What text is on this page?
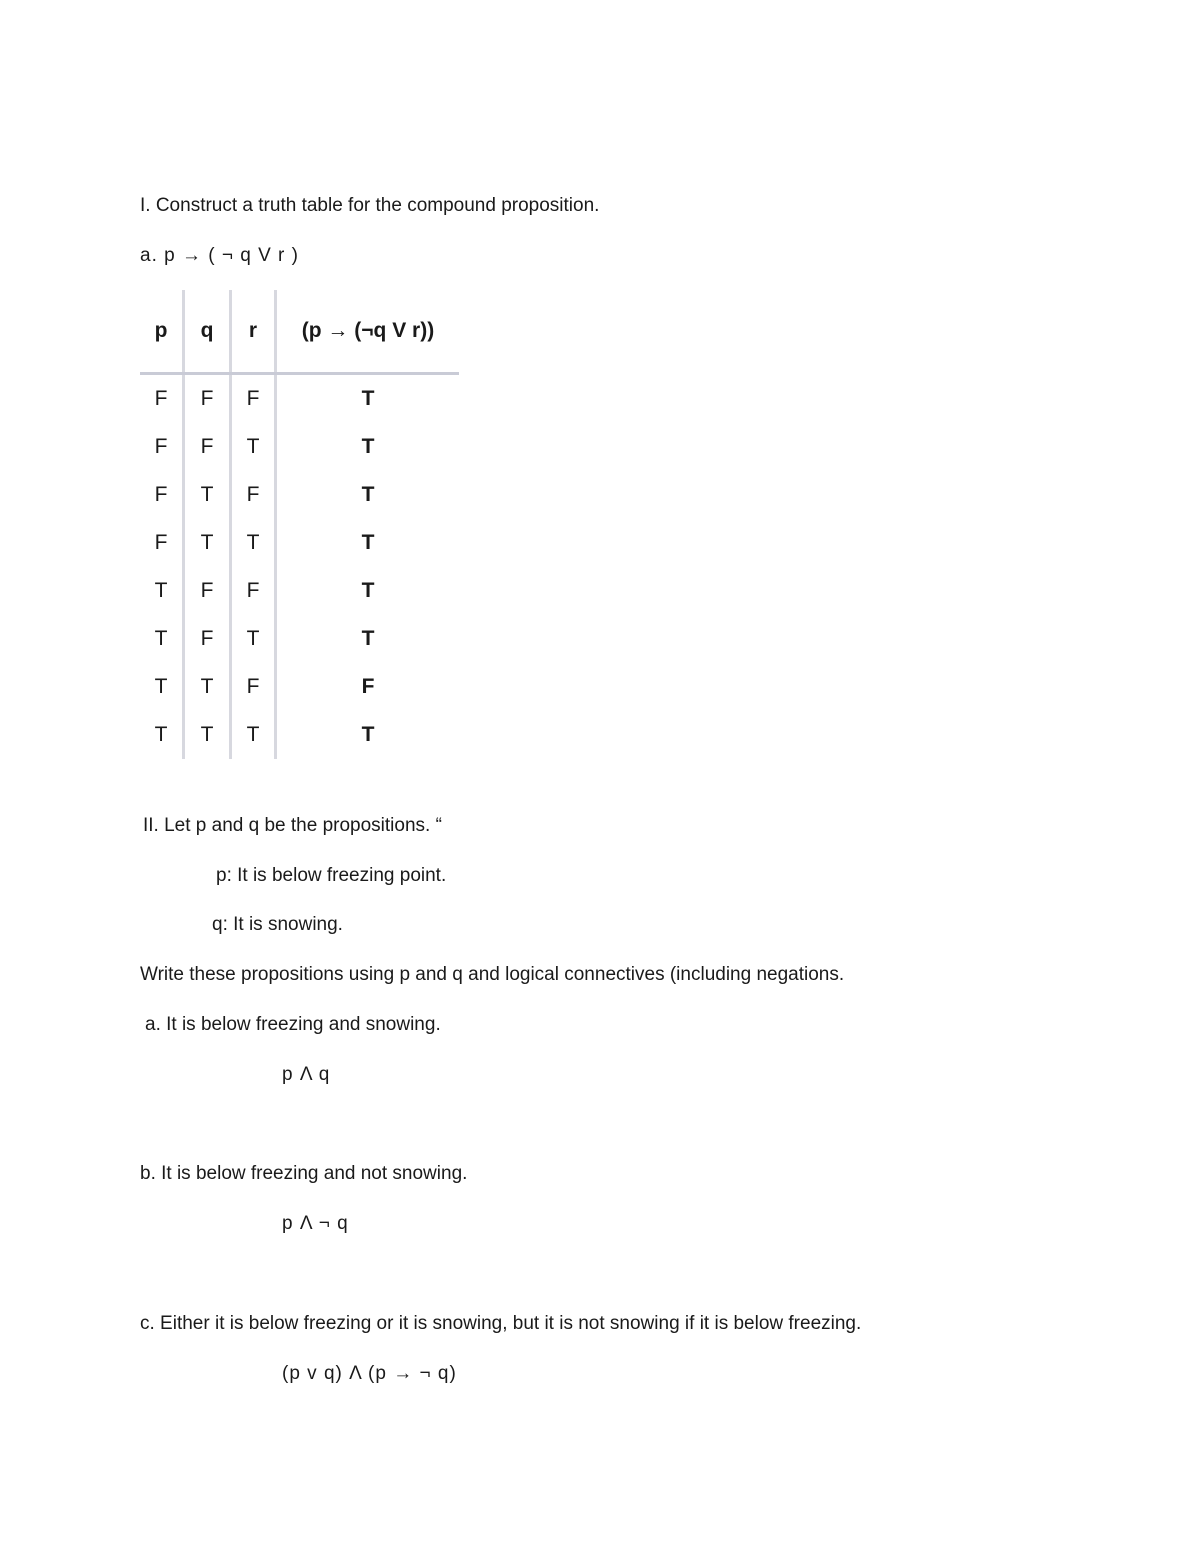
I. Construct a truth table for the compound proposition.
a. p → ( ¬ q V r )
p	q	r	(p → (¬q V r))
F	F	F	T
F	F	T	T
F	T	F	T
F	T	T	T
T	F	F	T
T	F	T	T
T	T	F	F
T	T	T	T
II. Let p and q be the propositions. “
p: It is below freezing point.
q: It is snowing.
Write these propositions using p and q and logical connectives (including negations.
a. It is below freezing and snowing.
p Λ q
b. It is below freezing and not snowing.
p Λ ¬ q
c. Either it is below freezing or it is snowing, but it is not snowing if it is below freezing.
(p v q) Λ (p → ¬ q)
